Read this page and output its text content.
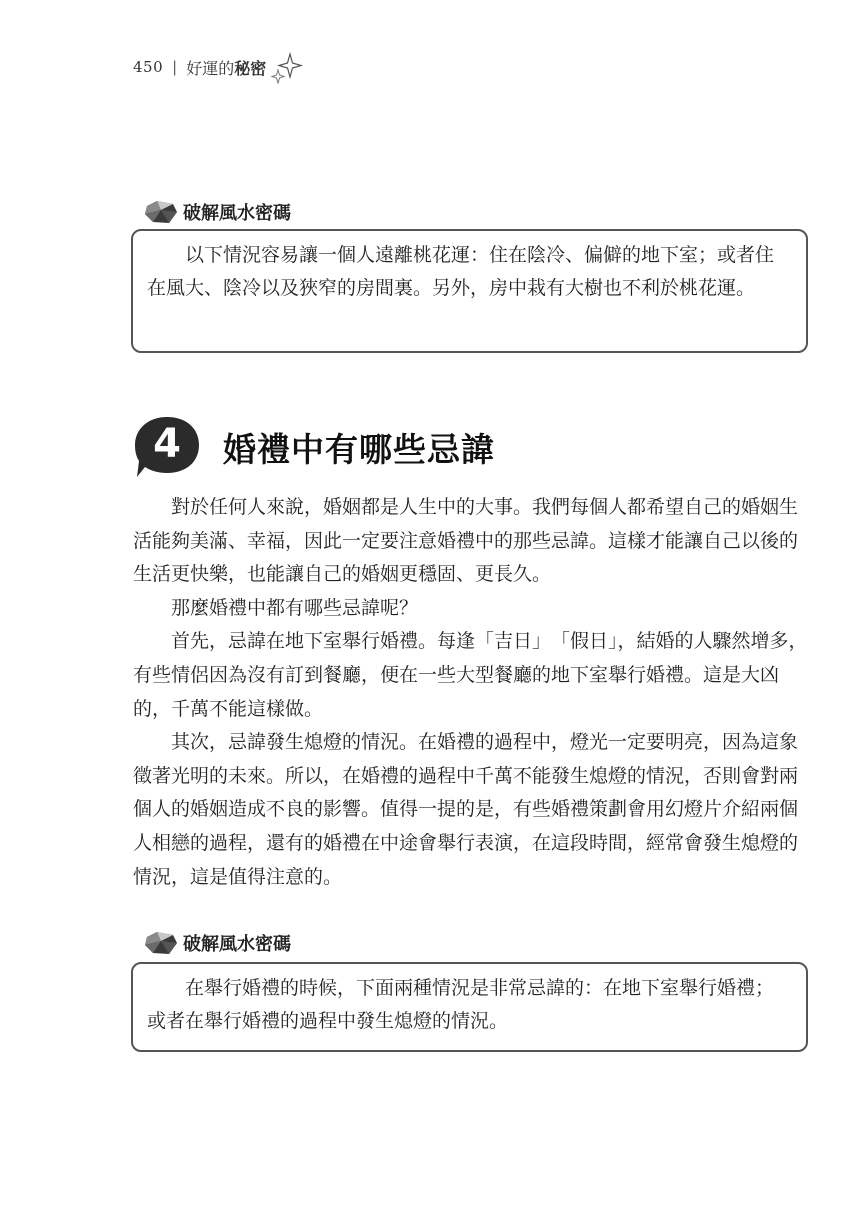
450 | 好運的秘密
破解風水密碼

以下情況容易讓一個人遠離桃花運：住在陰冷、偏僻的地下室；或者住在風大、陰冷以及狹窄的房間裏。另外，房中栽有大樹也不利於桃花運。

4	婚禮中有哪些忌諱

對於任何人來說，婚姻都是人生中的大事。我們每個人都希望自己的婚姻生活能夠美滿、幸福，因此一定要注意婚禮中的那些忌諱。這樣才能讓自己以後的生活更快樂，也能讓自己的婚姻更穩固、更長久。

那麼婚禮中都有哪些忌諱呢？

首先，忌諱在地下室舉行婚禮。每逢「吉日」　「假日」，結婚的人驟然增多，有些情侶因為沒有訂到餐廳，便在一些大型餐廳的地下室舉行婚禮。這是大凶的，千萬不能這樣做。

其次，忌諱發生熄燈的情況。在婚禮的過程中，燈光一定要明亮，因為這象徵著光明的未來。所以，在婚禮的過程中千萬不能發生熄燈的情況，否則會對兩個人的婚姻造成不良的影響。值得一提的是，有些婚禮策劃會用幻燈片介紹兩個人相戀的過程，還有的婚禮在中途會舉行表演，在這段時間，經常會發生熄燈的情況，這是值得注意的。

破解風水密碼

在舉行婚禮的時候，下面兩種情況是非常忌諱的：在地下室舉行婚禮；或者在舉行婚禮的過程中發生熄燈的情況。
